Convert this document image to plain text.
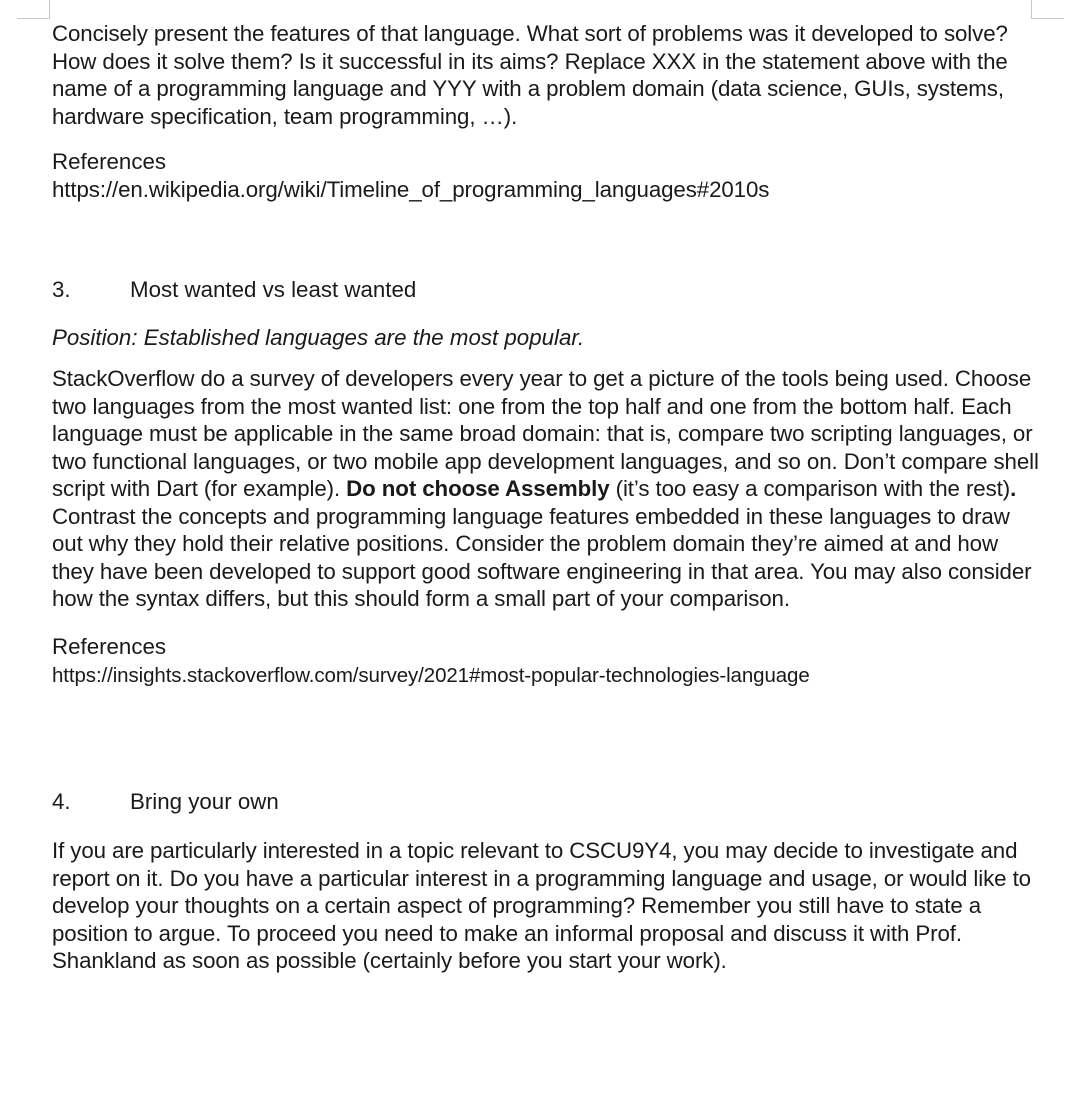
Concisely present the features of that language. What sort of problems was it developed to solve? How does it solve them? Is it successful in its aims? Replace XXX in the statement above with the name of a programming language and YYY with a problem domain (data science, GUIs, systems, hardware specification, team programming, …).

References

https://en.wikipedia.org/wiki/Timeline_of_programming_languages#2010s

3.	Most wanted vs least wanted

Position: Established languages are the most popular.

StackOverflow do a survey of developers every year to get a picture of the tools being used. Choose two languages from the most wanted list: one from the top half and one from the bottom half. Each language must be applicable in the same broad domain: that is, compare two scripting languages, or two functional languages, or two mobile app development languages, and so on. Don’t compare shell script with Dart (for example). Do not choose Assembly (it’s too easy a comparison with the rest). Contrast the concepts and programming language features embedded in these languages to draw out why they hold their relative positions. Consider the problem domain they’re aimed at and how they have been developed to support good software engineering in that area. You may also consider how the syntax differs, but this should form a small part of your comparison.

References

https://insights.stackoverflow.com/survey/2021#most-popular-technologies-language

4.	Bring your own

If you are particularly interested in a topic relevant to CSCU9Y4, you may decide to investigate and report on it. Do you have a particular interest in a programming language and usage, or would like to develop your thoughts on a certain aspect of programming? Remember you still have to state a position to argue. To proceed you need to make an informal proposal and discuss it with Prof. Shankland as soon as possible (certainly before you start your work).
